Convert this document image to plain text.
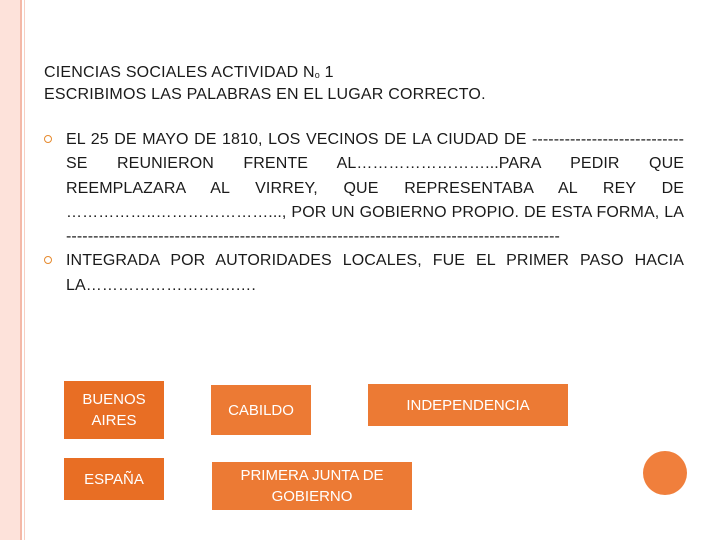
CIENCIAS SOCIALES ACTIVIDAD $N^o$ 1
ESCRIBIMOS LAS PALABRAS EN EL LUGAR CORRECTO.
EL 25 DE MAYO DE 1810, LOS VECINOS DE LA CIUDAD DE ---------------------------- SE REUNIERON FRENTE AL……………………...PARA PEDIR QUE REEMPLAZARA AL VIRREY, QUE REPRESENTABA AL REY DE ……………..…………………..., POR UN GOBIERNO PROPIO. DE ESTA FORMA, LA -------------------------------------------------------------------------------------------
INTEGRADA POR AUTORIDADES LOCALES, FUE EL PRIMER PASO HACIA LA……………………….….
BUENOS AIRES
CABILDO	INDEPENDENCIA
ESPAÑA	PRIMERA JUNTA DE GOBIERNO
